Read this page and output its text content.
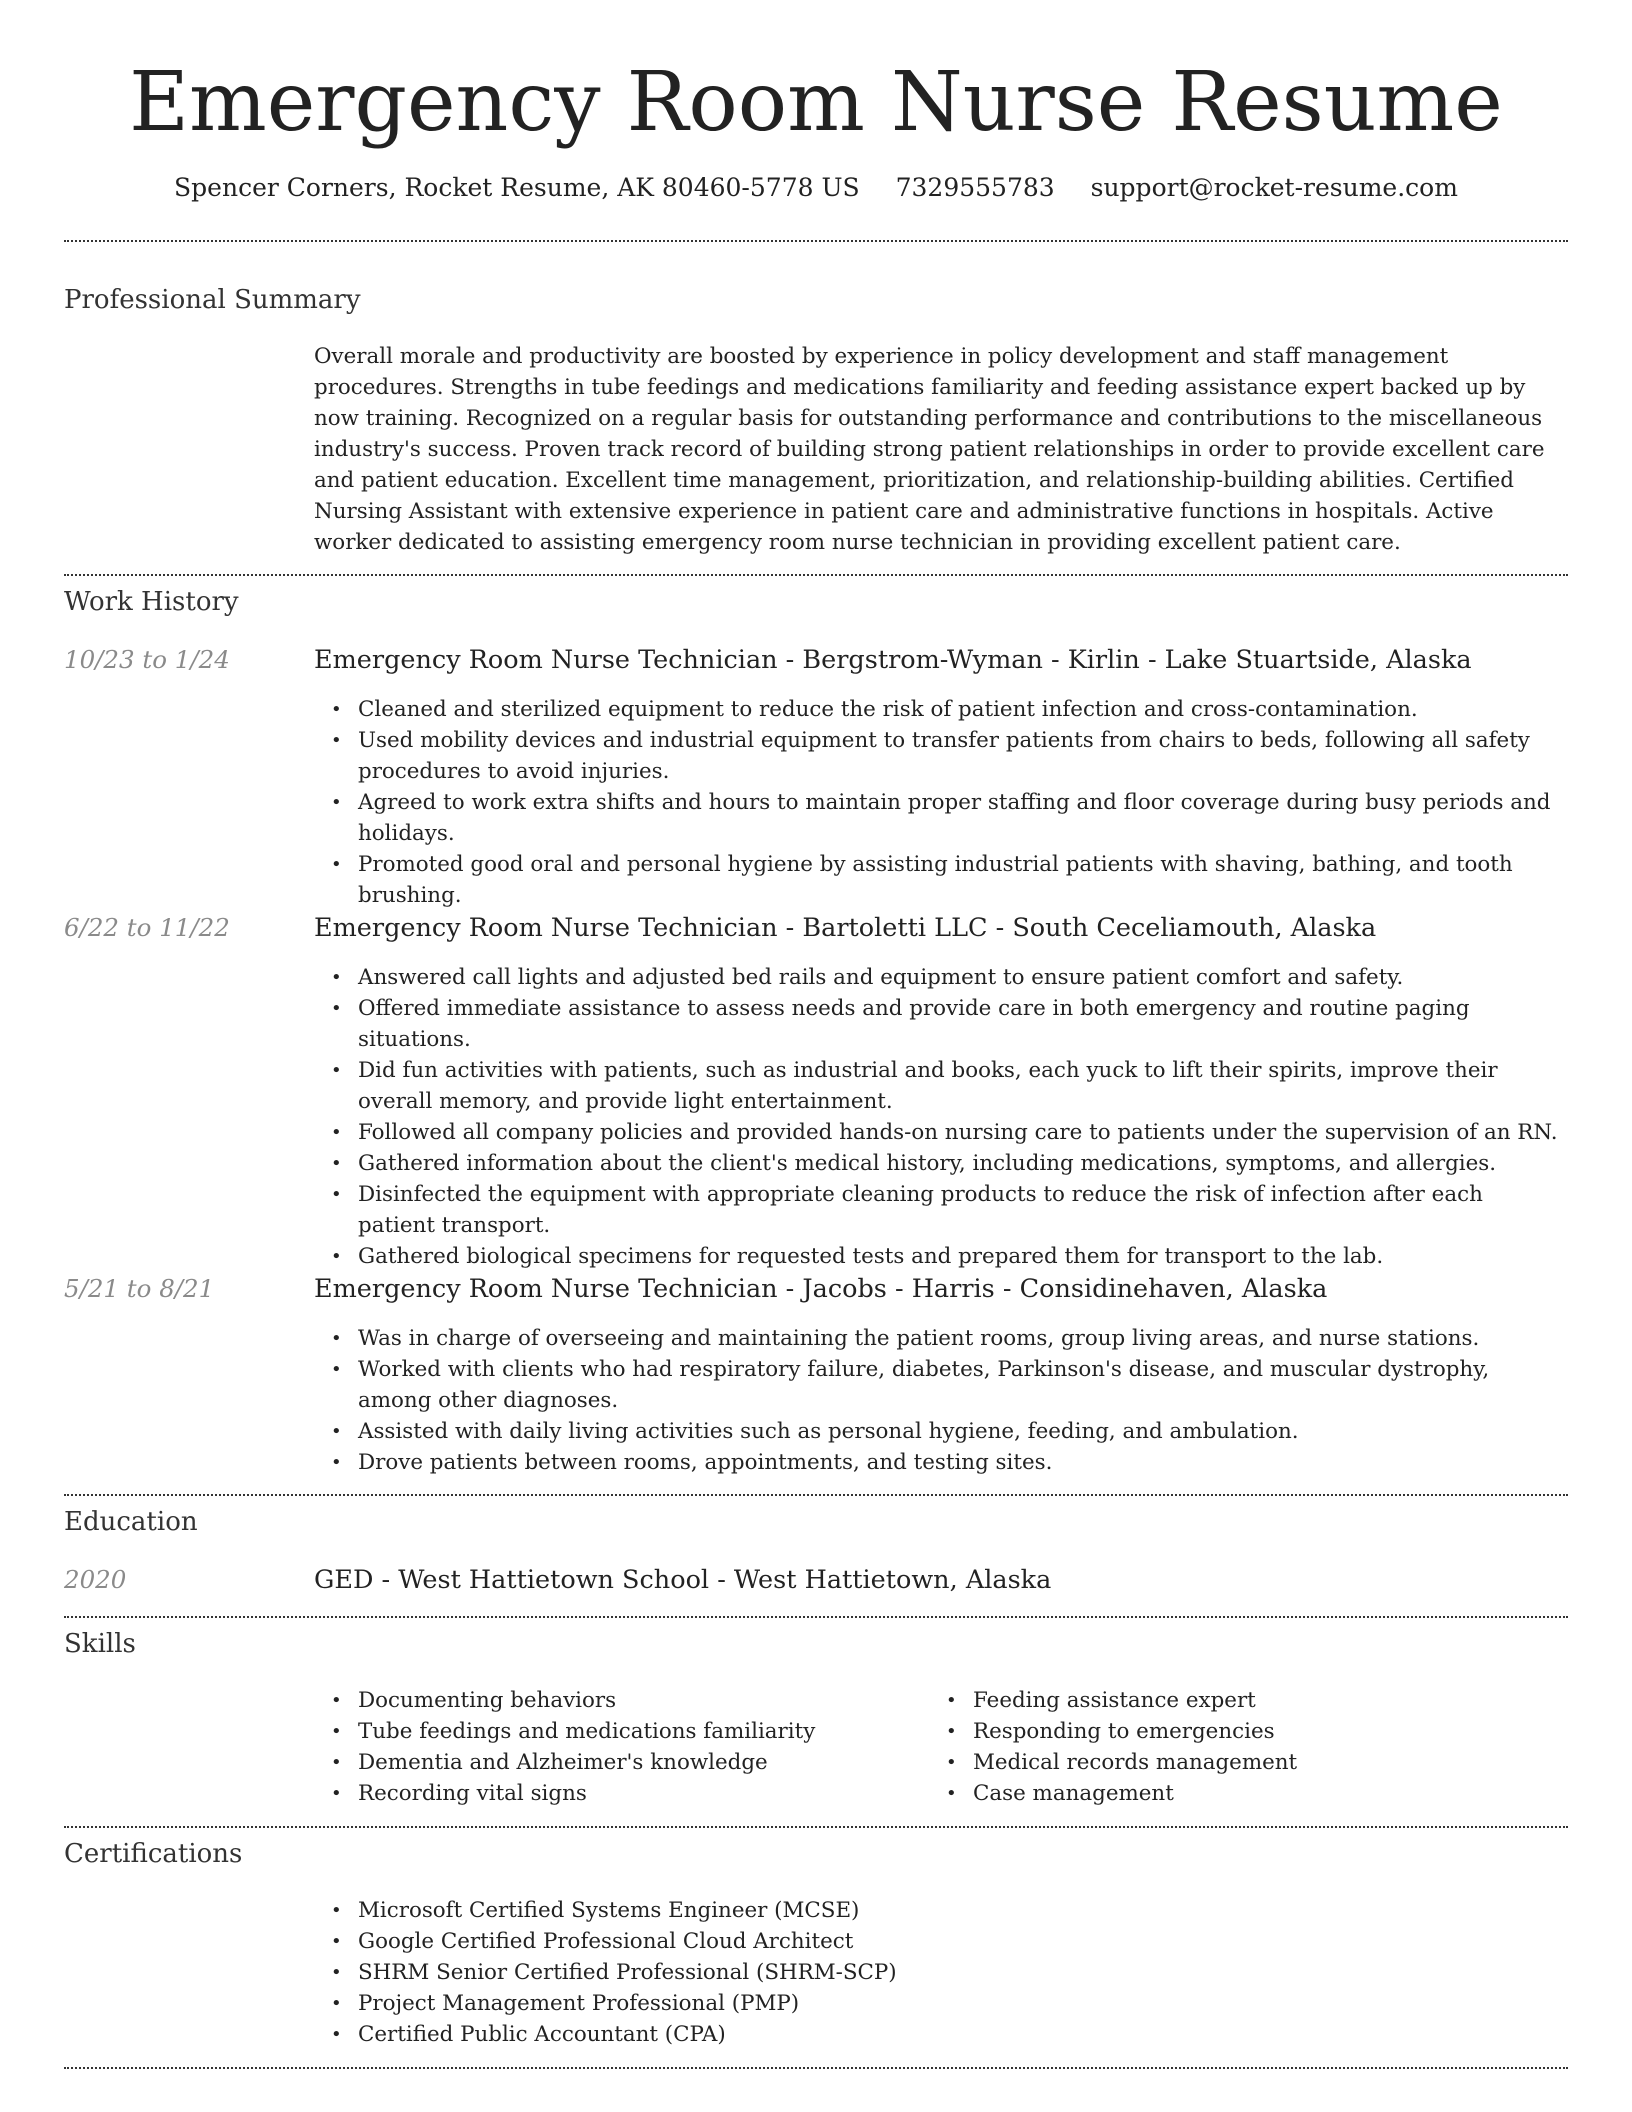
Emergency Room Nurse Resume
Spencer Corners, Rocket Resume, AK 80460-5778 US 7329555783 support@rocket-resume.com
Professional Summary

Overall morale and productivity are boosted by experience in policy development and staff management procedures. Strengths in tube feedings and medications familiarity and feeding assistance expert backed up by now training. Recognized on a regular basis for outstanding performance and contributions to the miscellaneous industry's success. Proven track record of building strong patient relationships in order to provide excellent care and patient education. Excellent time management, prioritization, and relationship-building abilities. Certified Nursing Assistant with extensive experience in patient care and administrative functions in hospitals. Active worker dedicated to assisting emergency room nurse technician in providing excellent patient care.

Work History
10/23 to 1/24	Emergency Room Nurse Technician - Bergstrom-Wyman - Kirlin - Lake Stuartside, Alaska
• Cleaned and sterilized equipment to reduce the risk of patient infection and cross-contamination.
• Used mobility devices and industrial equipment to transfer patients from chairs to beds, following all safety procedures to avoid injuries.
• Agreed to work extra shifts and hours to maintain proper staffing and floor coverage during busy periods and holidays.
• Promoted good oral and personal hygiene by assisting industrial patients with shaving, bathing, and tooth brushing.
6/22 to 11/22	Emergency Room Nurse Technician - Bartoletti LLC - South Ceceliamouth, Alaska
• Answered call lights and adjusted bed rails and equipment to ensure patient comfort and safety.
• Offered immediate assistance to assess needs and provide care in both emergency and routine paging situations.
• Did fun activities with patients, such as industrial and books, each yuck to lift their spirits, improve their overall memory, and provide light entertainment.
• Followed all company policies and provided hands-on nursing care to patients under the supervision of an RN.
• Gathered information about the client's medical history, including medications, symptoms, and allergies.
• Disinfected the equipment with appropriate cleaning products to reduce the risk of infection after each patient transport.
• Gathered biological specimens for requested tests and prepared them for transport to the lab.
5/21 to 8/21	Emergency Room Nurse Technician - Jacobs - Harris - Considinehaven, Alaska
• Was in charge of overseeing and maintaining the patient rooms, group living areas, and nurse stations.
• Worked with clients who had respiratory failure, diabetes, Parkinson's disease, and muscular dystrophy, among other diagnoses.
• Assisted with daily living activities such as personal hygiene, feeding, and ambulation.
• Drove patients between rooms, appointments, and testing sites.
Education
2020	GED - West Hattietown School - West Hattietown, Alaska
Skills
• Documenting behaviors
• Tube feedings and medications familiarity
• Dementia and Alzheimer's knowledge
• Recording vital signs
• Feeding assistance expert
• Responding to emergencies
• Medical records management
• Case management
Certifications
• Microsoft Certified Systems Engineer (MCSE)
• Google Certified Professional Cloud Architect
• SHRM Senior Certified Professional (SHRM-SCP)
• Project Management Professional (PMP)
• Certified Public Accountant (CPA)
